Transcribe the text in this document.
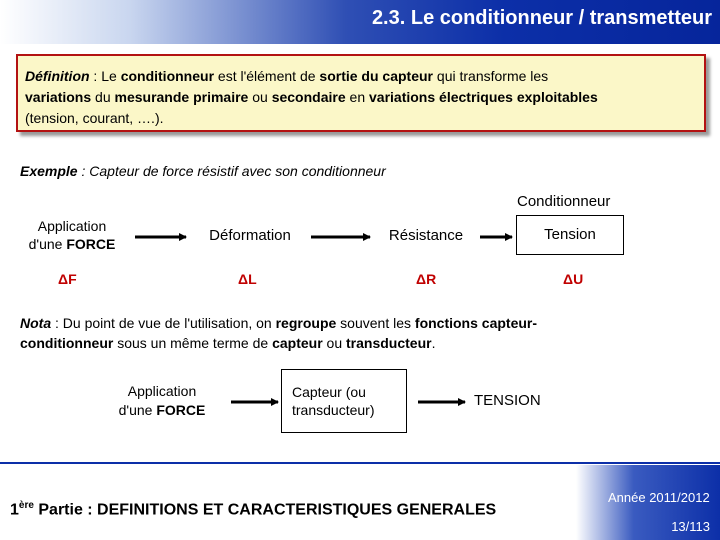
2.3. Le conditionneur / transmetteur
Définition : Le conditionneur est l'élément de sortie du capteur qui transforme les
variations du mesurande primaire ou secondaire en variations électriques exploitables
(tension, courant, ….).
Exemple : Capteur de force résistif avec son conditionneur
Conditionneur
Application
d'une FORCE	Déformation	Résistance	Tension
ΔF	ΔL	ΔR	ΔU
Nota : Du point de vue de l'utilisation, on regroupe souvent les fonctions capteur-
conditionneur sous un même terme de capteur ou transducteur.
Application
d'une FORCE
Capteur (ou
transducteur)
TENSION
1ère Partie : DEFINITIONS ET CARACTERISTIQUES GENERALES
Année 2011/2012
13/113
